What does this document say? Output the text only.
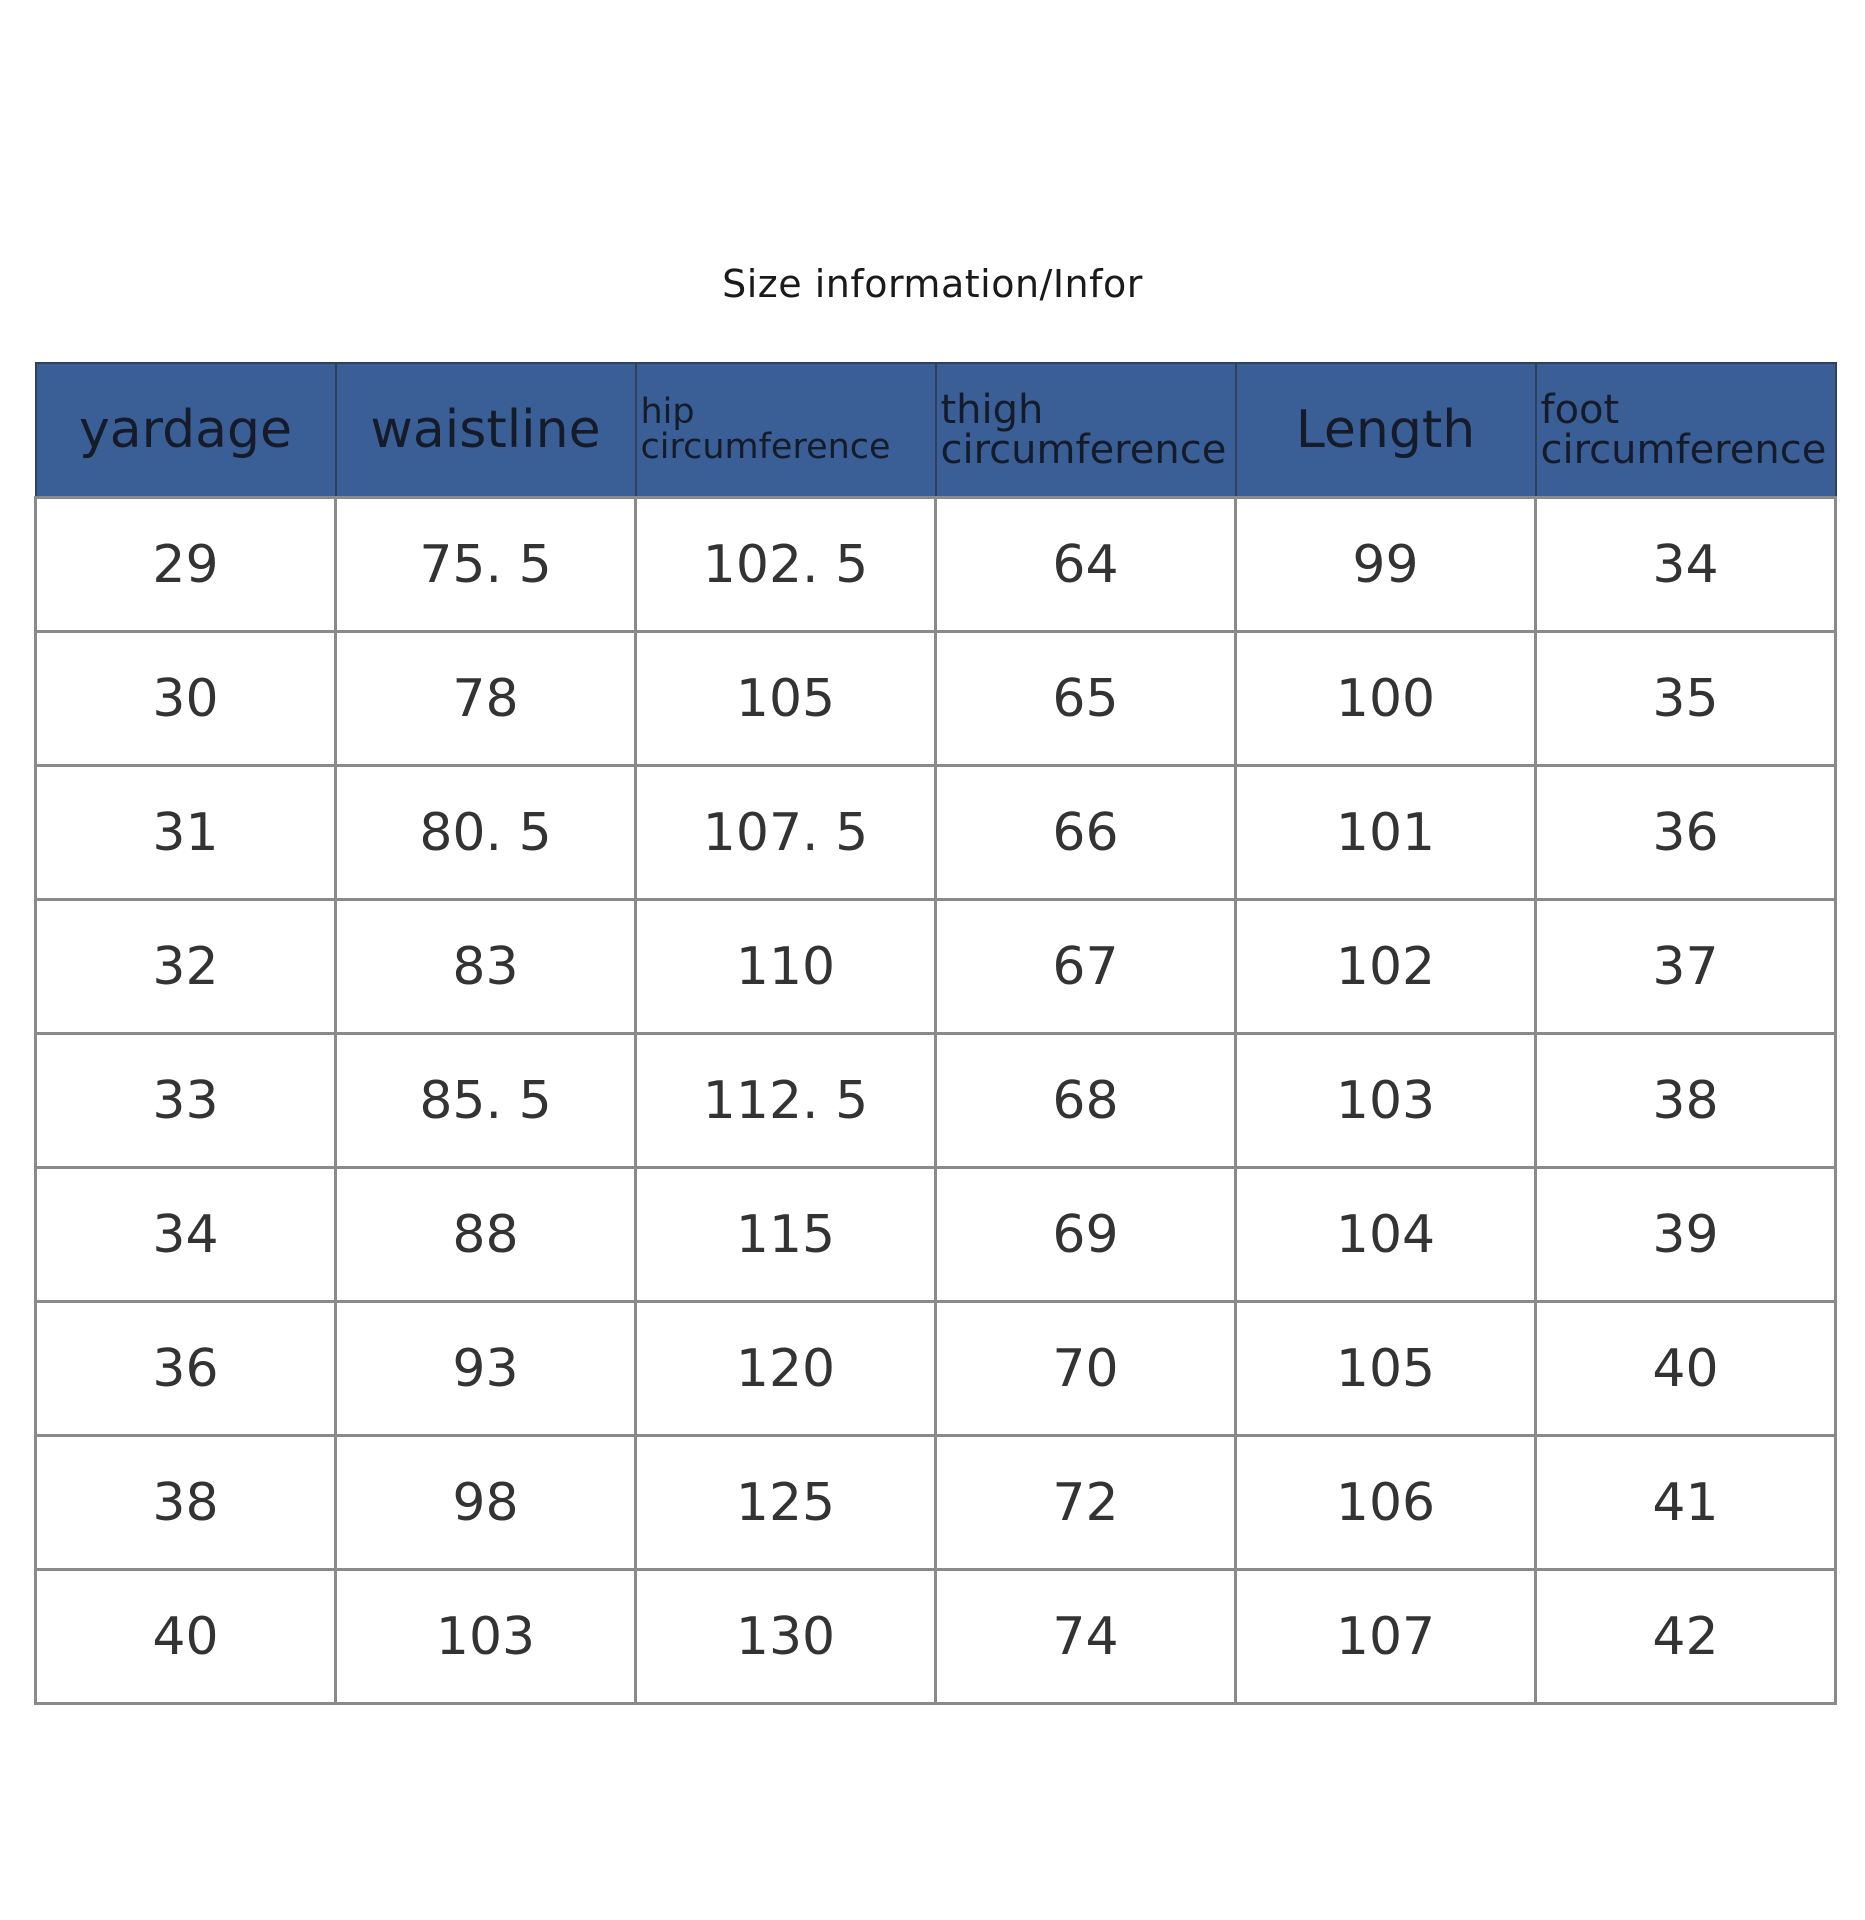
Size information/Infor
yardage	waistline	hip circumference	thigh circumference	Length	foot circumference
29	75. 5	102. 5	64	99	34
30	78	105	65	100	35
31	80. 5	107. 5	66	101	36
32	83	110	67	102	37
33	85. 5	112. 5	68	103	38
34	88	115	69	104	39
36	93	120	70	105	40
38	98	125	72	106	41
40	103	130	74	107	42
